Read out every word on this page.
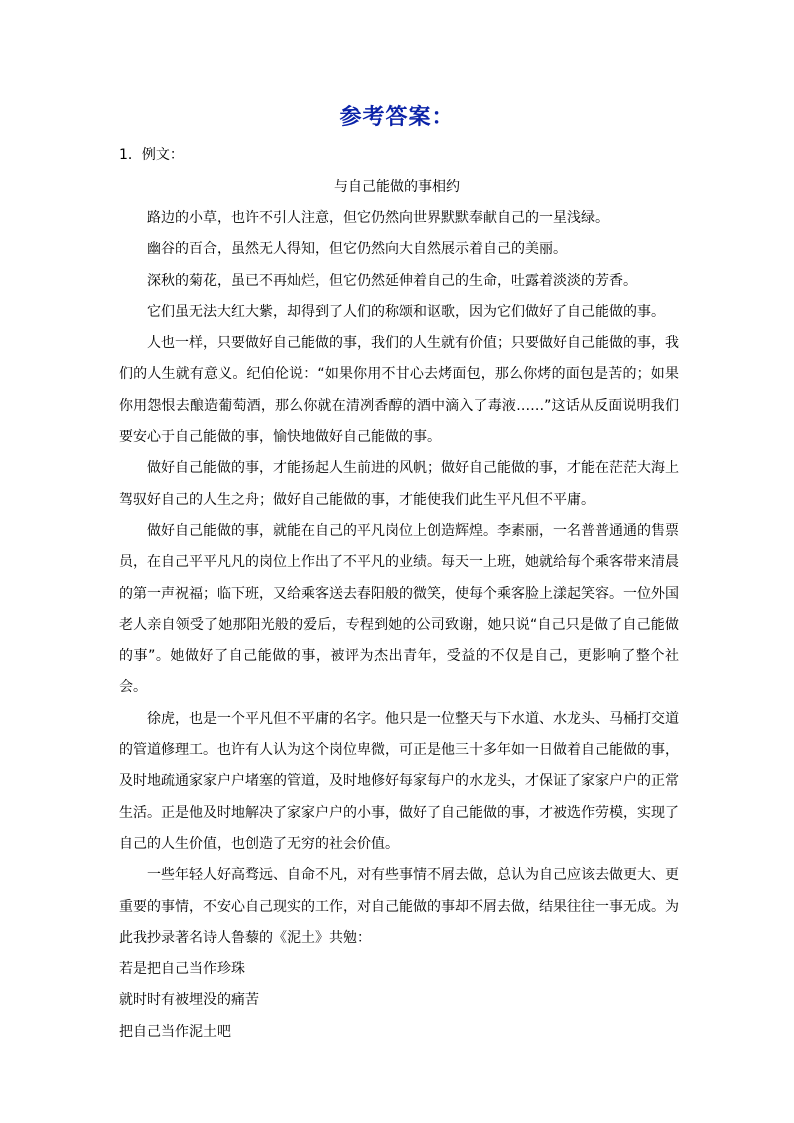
参考答案：
1．例文：
与自己能做的事相约

路边的小草，也许不引人注意，但它仍然向世界默默奉献自己的一星浅绿。

幽谷的百合，虽然无人得知，但它仍然向大自然展示着自己的美丽。

深秋的菊花，虽已不再灿烂，但它仍然延伸着自己的生命，吐露着淡淡的芳香。

它们虽无法大红大紫，却得到了人们的称颂和讴歌，因为它们做好了自己能做的事。

人也一样，只要做好自己能做的事，我们的人生就有价值；只要做好自己能做的事，我们的人生就有意义。纪伯伦说：“如果你用不甘心去烤面包，那么你烤的面包是苦的；如果你用怨恨去酿造葡萄酒，那么你就在清冽香醇的酒中滴入了毒液……”这话从反面说明我们要安心于自己能做的事，愉快地做好自己能做的事。

做好自己能做的事，才能扬起人生前进的风帆；做好自己能做的事，才能在茫茫大海上驾驭好自己的人生之舟；做好自己能做的事，才能使我们此生平凡但不平庸。

做好自己能做的事，就能在自己的平凡岗位上创造辉煌。李素丽，一名普普通通的售票员，在自己平平凡凡的岗位上作出了不平凡的业绩。每天一上班，她就给每个乘客带来清晨的第一声祝福；临下班，又给乘客送去春阳般的微笑，使每个乘客脸上漾起笑容。一位外国老人亲自领受了她那阳光般的爱后，专程到她的公司致谢，她只说“自己只是做了自己能做的事”。她做好了自己能做的事，被评为杰出青年，受益的不仅是自己，更影响了整个社会。

徐虎，也是一个平凡但不平庸的名字。他只是一位整天与下水道、水龙头、马桶打交道的管道修理工。也许有人认为这个岗位卑微，可正是他三十多年如一日做着自己能做的事，及时地疏通家家户户堵塞的管道，及时地修好每家每户的水龙头，才保证了家家户户的正常生活。正是他及时地解决了家家户户的小事，做好了自己能做的事，才被选作劳模，实现了自己的人生价值，也创造了无穷的社会价值。

一些年轻人好高骛远、自命不凡，对有些事情不屑去做，总认为自己应该去做更大、更重要的事情，不安心自己现实的工作，对自己能做的事却不屑去做，结果往往一事无成。为此我抄录著名诗人鲁藜的《泥土》共勉：

若是把自己当作珍珠

就时时有被埋没的痛苦

把自己当作泥土吧
